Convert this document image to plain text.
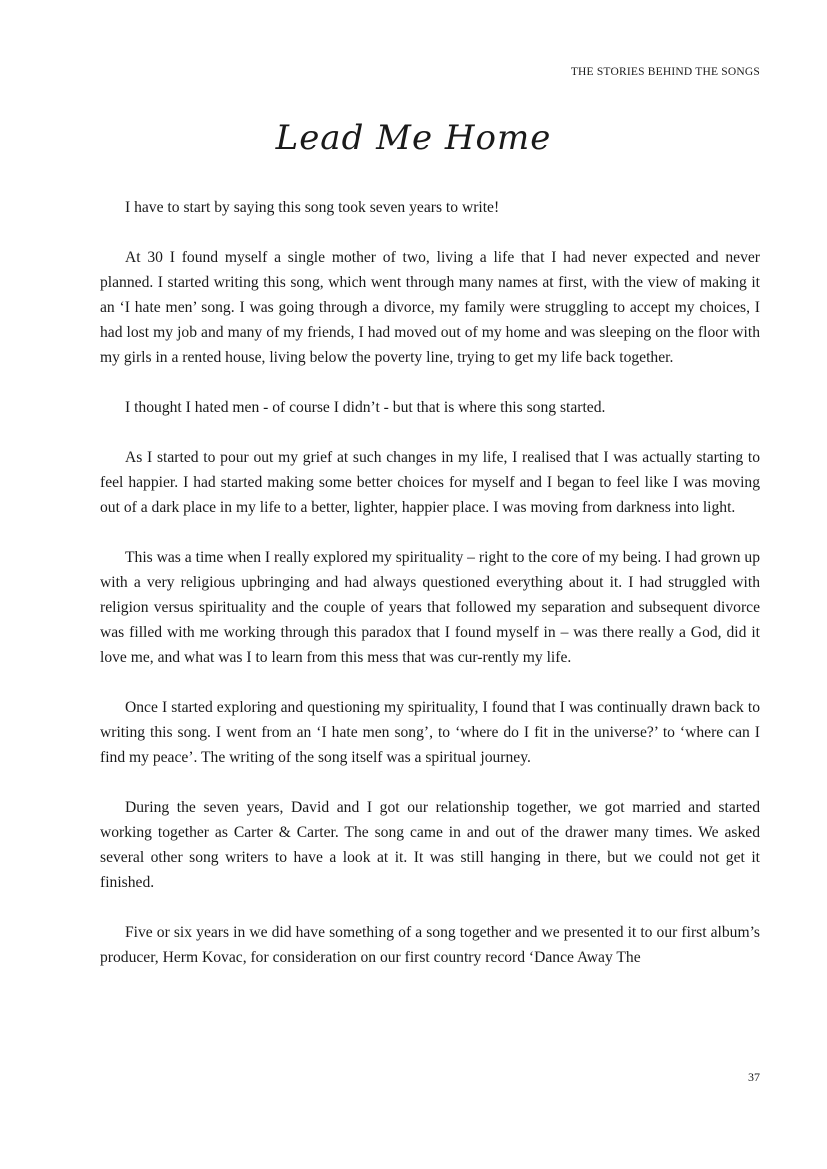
THE STORIES BEHIND THE SONGS
Lead Me Home

I have to start by saying this song took seven years to write!

At 30 I found myself a single mother of two, living a life that I had never expected and never planned. I started writing this song, which went through many names at first, with the view of making it an ‘I hate men’ song. I was going through a divorce, my family were struggling to accept my choices, I had lost my job and many of my friends, I had moved out of my home and was sleeping on the floor with my girls in a rented house, living below the poverty line, trying to get my life back together.

I thought I hated men - of course I didn’t - but that is where this song started.

As I started to pour out my grief at such changes in my life, I realised that I was actually starting to feel happier. I had started making some better choices for myself and I began to feel like I was moving out of a dark place in my life to a better, lighter, happier place. I was moving from darkness into light.

This was a time when I really explored my spirituality – right to the core of my being. I had grown up with a very religious upbringing and had always questioned everything about it. I had struggled with religion versus spirituality and the couple of years that followed my separation and subsequent divorce was filled with me working through this paradox that I found myself in – was there really a God, did it love me, and what was I to learn from this mess that was cur-rently my life.

Once I started exploring and questioning my spirituality, I found that I was continually drawn back to writing this song. I went from an ‘I hate men song’, to ‘where do I fit in the universe?’ to ‘where can I find my peace’. The writing of the song itself was a spiritual journey.

During the seven years, David and I got our relationship together, we got married and started working together as Carter & Carter. The song came in and out of the drawer many times. We asked several other song writers to have a look at it. It was still hanging in there, but we could not get it finished.

Five or six years in we did have something of a song together and we presented it to our first album’s producer, Herm Kovac, for consideration on our first country record ‘Dance Away The

37
